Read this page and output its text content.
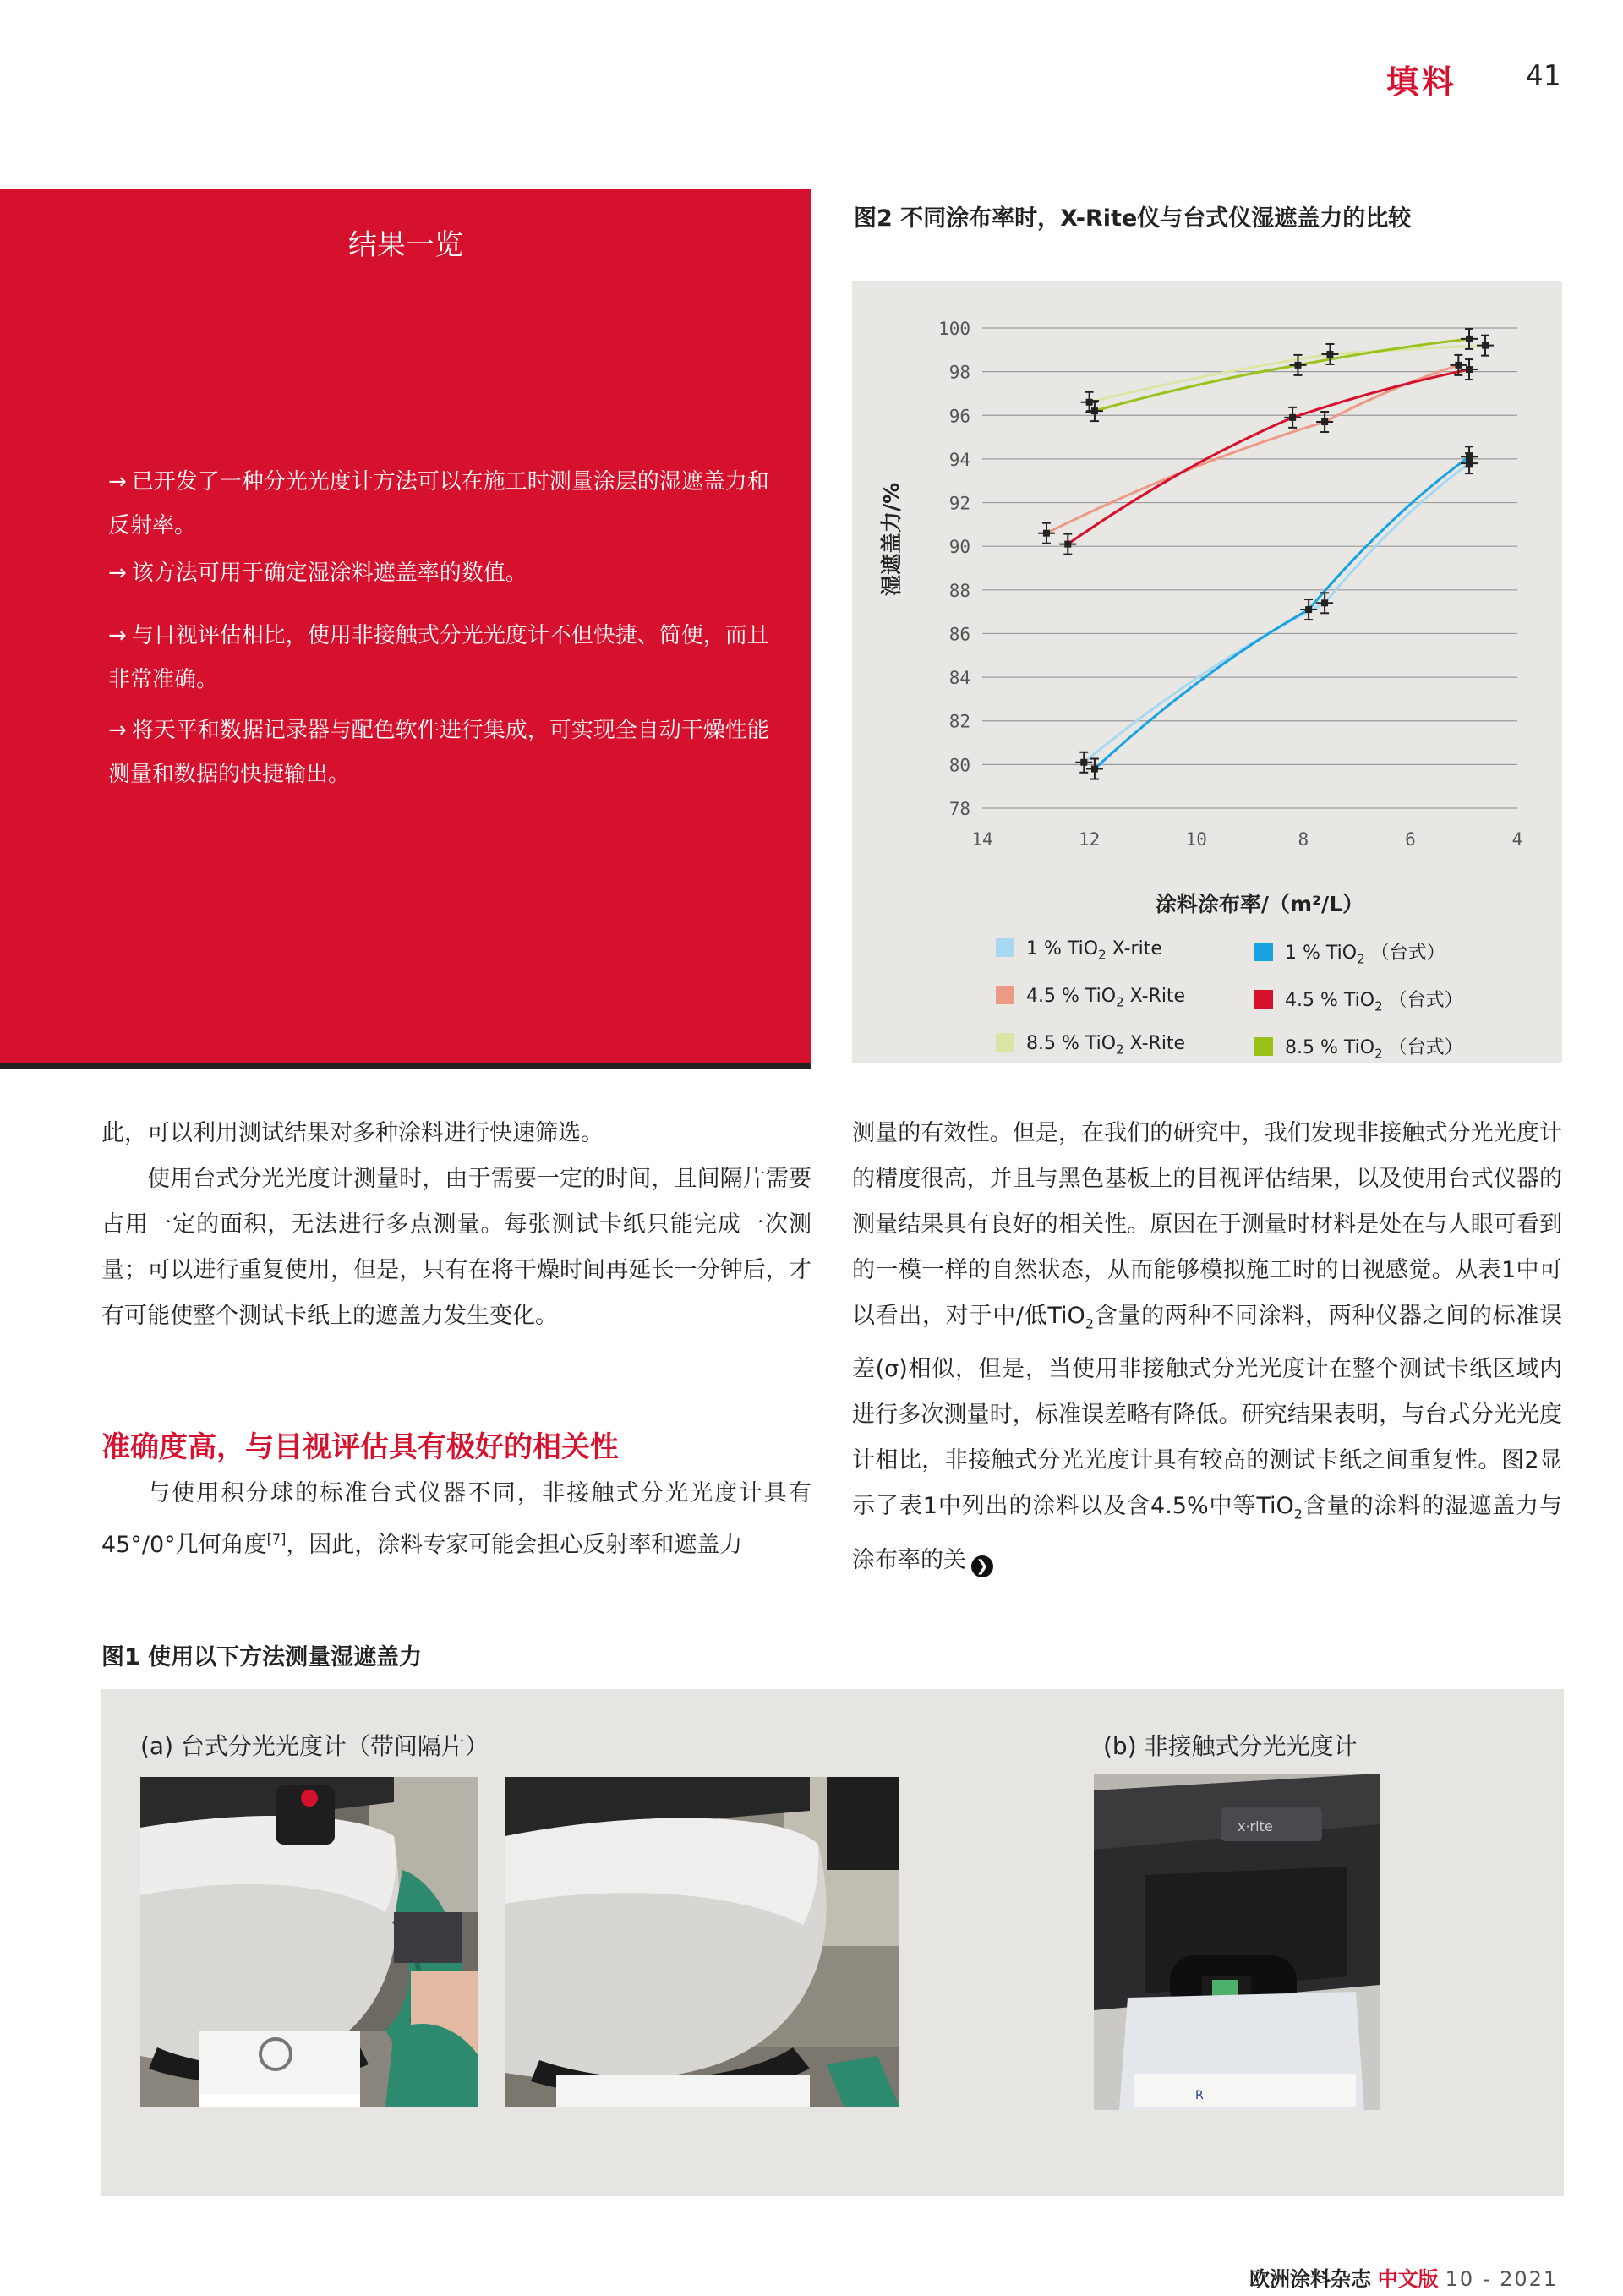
填料 41
结果一览
→ 已开发了一种分光光度计方法可以在施工时测量涂层的湿遮盖力和反射率。
→ 该方法可用于确定湿涂料遮盖率的数值。
→ 与目视评估相比，使用非接触式分光光度计不但快捷、简便，而且非常准确。
→ 将天平和数据记录器与配色软件进行集成，可实现全自动干燥性能测量和数据的快捷输出。
图2 不同涂布率时，X-Rite仪与台式仪湿遮盖力的比较
78
80
82
84
86
88
90
92
94
96
98
100
14	12	10	8	6	4
湿遮盖力/%
涂料涂布率/（m²/L）
1 % TiO$_2$ X-rite	1 % TiO$_2$ （台式）
4.5 % TiO$_2$ X-Rite	4.5 % TiO$_2$ （台式）
8.5 % TiO$_2$ X-Rite	8.5 % TiO$_2$ （台式）

此，可以利用测试结果对多种涂料进行快速筛选。

使用台式分光光度计测量时，由于需要一定的时间，且间隔片需要占用一定的面积，无法进行多点测量。每张测试卡纸只能完成一次测量；可以进行重复使用，但是，只有在将干燥时间再延长一分钟后，才有可能使整个测试卡纸上的遮盖力发生变化。

准确度高，与目视评估具有极好的相关性

与使用积分球的标准台式仪器不同，非接触式分光光度计具有45°/0°几何角度[7]，因此，涂料专家可能会担心反射率和遮盖力

测量的有效性。但是，在我们的研究中，我们发现非接触式分光光度计的精度很高，并且与黑色基板上的目视评估结果，以及使用台式仪器的测量结果具有良好的相关性。原因在于测量时材料是处在与人眼可看到的一模一样的自然状态，从而能够模拟施工时的目视感觉。从表1中可以看出，对于中/低TiO$_2$含量的两种不同涂料，两种仪器之间的标准误差(σ)相似，但是，当使用非接触式分光光度计在整个测试卡纸区域内进行多次测量时，标准误差略有降低。研究结果表明，与台式分光光度计相比，非接触式分光光度计具有较高的测试卡纸之间重复性。图2显示了表1中列出的涂料以及含4.5%中等TiO$_2$含量的涂料的湿遮盖力与涂布率的关 ❯

图1 使用以下方法测量湿遮盖力
(a) 台式分光光度计（带间隔片）	(b) 非接触式分光光度计
x·rite
R
欧洲涂料杂志 中文版 10 - 2021
